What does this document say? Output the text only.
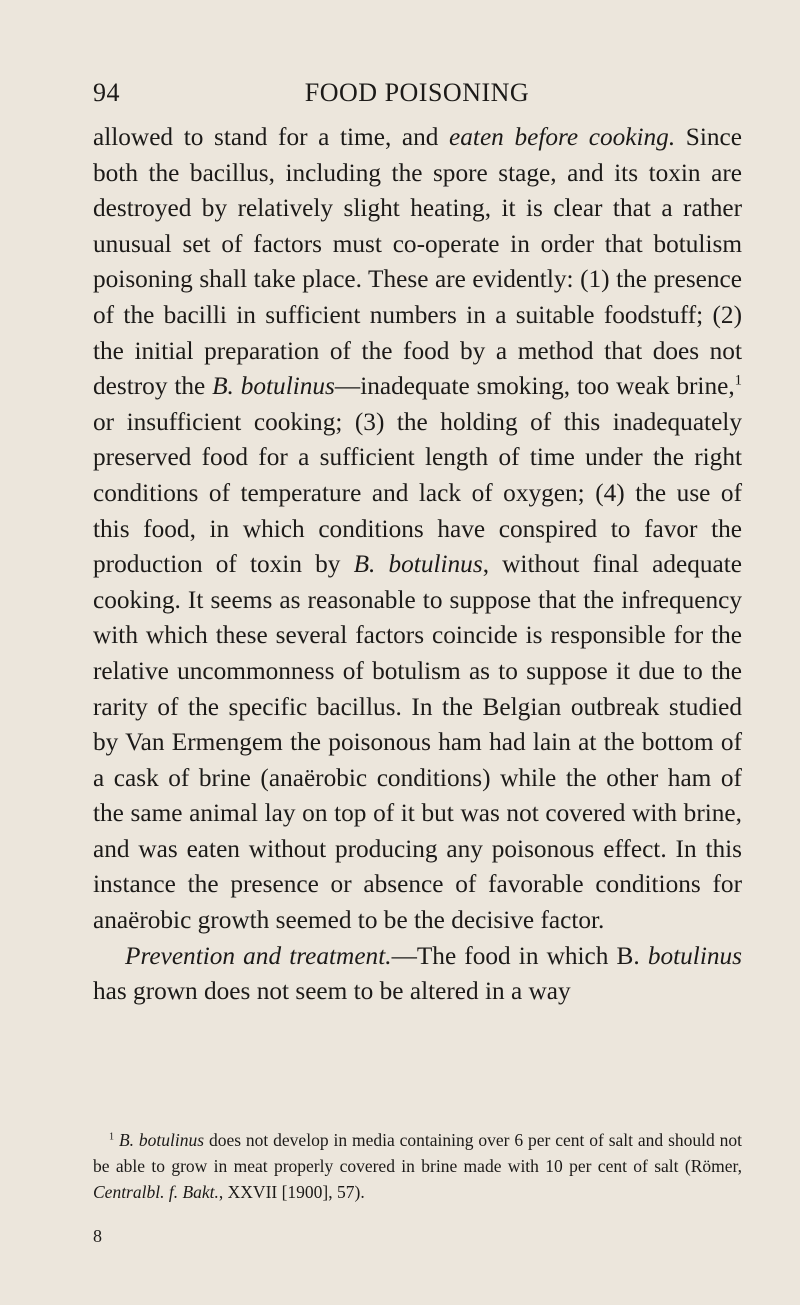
94	FOOD POISONING

allowed to stand for a time, and eaten before cooking. Since both the bacillus, including the spore stage, and its toxin are destroyed by relatively slight heating, it is clear that a rather unusual set of factors must co-operate in order that botulism poisoning shall take place. These are evidently: (1) the presence of the bacilli in sufficient numbers in a suitable foodstuff; (2) the initial preparation of the food by a method that does not destroy the B. botulinus—inadequate smoking, too weak brine,$^1$ or insufficient cooking; (3) the holding of this inadequately preserved food for a sufficient length of time under the right conditions of temperature and lack of oxygen; (4) the use of this food, in which conditions have conspired to favor the production of toxin by B. botulinus, without final adequate cooking. It seems as reasonable to suppose that the infrequency with which these several factors coincide is responsible for the relative uncommonness of botulism as to suppose it due to the rarity of the specific bacillus. In the Belgian outbreak studied by Van Ermengem the poisonous ham had lain at the bottom of a cask of brine (anaërobic conditions) while the other ham of the same animal lay on top of it but was not covered with brine, and was eaten without producing any poisonous effect. In this instance the presence or absence of favorable conditions for anaërobic growth seemed to be the decisive factor.

Prevention and treatment.—The food in which B. botulinus has grown does not seem to be altered in a way

$^1$ B. botulinus does not develop in media containing over 6 per cent of salt and should not be able to grow in meat properly covered in brine made with 10 per cent of salt (Römer, Centralbl. f. Bakt., XXVII [1900], 57).

8
